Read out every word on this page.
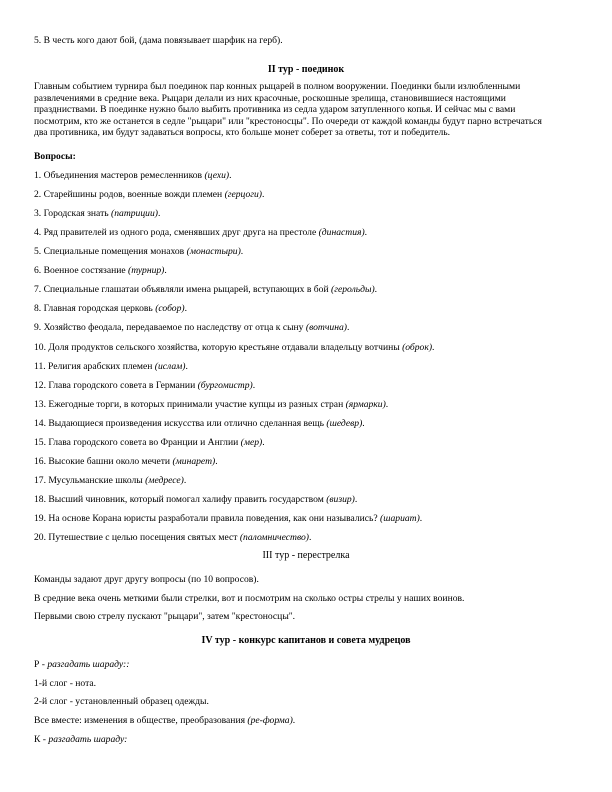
5. В честь кого дают бой, (дама повязывает шарфик на герб).
II тур - поединок
Главным событием турнира был поединок пар конных рыцарей в полном вооружении. Поединки были излюбленными
развлечениями в средние века. Рыцари делали из них красочные, роскошные зрелища, становившиеся настоящими
праздниствами. В поединке нужно было выбить противника из седла ударом затупленного копья. И сейчас мы с вами
посмотрим, кто же останется в седле "рыцари" или "крестоносцы". По очереди от каждой команды будут парно встречаться
два противника, им будут задаваться вопросы, кто больше монет соберет за ответы, тот и победитель.
Вопросы:
1. Объединения мастеров ремесленников (цехи).
2. Старейшины родов, военные вожди племен (герцоги).
3. Городская знать (патриции).
4. Ряд правителей из одного рода, сменявших друг друга на престоле (династия).
5. Специальные помещения монахов (монастыри).
6. Военное состязание (турнир).
7. Специальные глашатаи объявляли имена рыцарей, вступающих в бой (герольды).
8. Главная городская церковь (собор).
9. Хозяйство феодала, передаваемое по наследству от отца к сыну (вотчина).
10. Доля продуктов сельского хозяйства, которую крестьяне отдавали владельцу вотчины (оброк).
11. Религия арабских племен (ислам).
12. Глава городского совета в Германии (бургомистр).
13. Ежегодные торги, в которых принимали участие купцы из разных стран (ярмарки).
14. Выдающиеся произведения искусства или отлично сделанная вещь (шедевр).
15. Глава городского совета во Франции и Англии (мер).
16. Высокие башни около мечети (минарет).
17. Мусульманские школы (медресе).
18. Высший чиновник, который помогал халифу править государством (визир).
19. На основе Корана юристы разработали правила поведения, как они назывались? (шариат).
20. Путешествие с целью посещения святых мест (паломничество).
III тур - перестрелка
Команды задают друг другу вопросы (по 10 вопросов).
В средние века очень меткими были стрелки, вот и посмотрим на сколько остры стрелы у наших воинов.
Первыми свою стрелу пускают "рыцари", затем "крестоносцы".
IV тур - конкурс капитанов и совета мудрецов
Р - разгадать шараду::
1-й слог - нота.
2-й слог - установленный образец одежды.
Все вместе: изменения в обществе, преобразования (ре-форма).
К - разгадать шараду:
